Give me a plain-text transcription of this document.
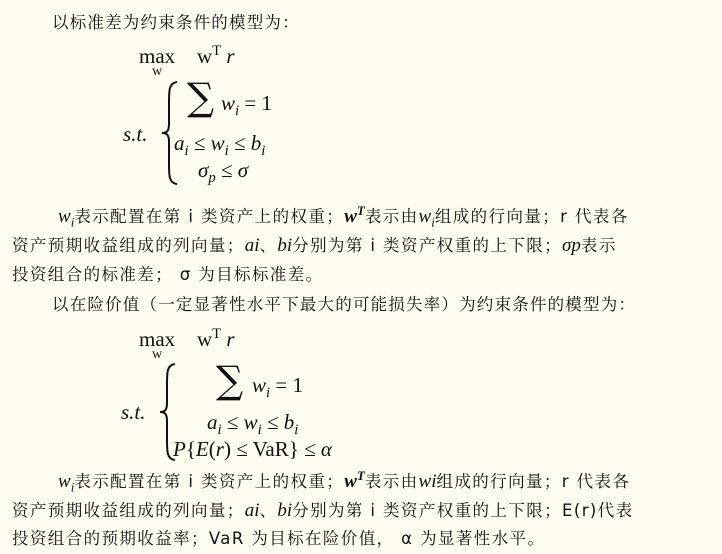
以标准差为约束条件的模型为：
max
w
$w^T$ r
s.t.
∑ $w_i = 1$
$a_i \le w_i \le b_i$
$\sigma_p \le \sigma$
$w_i$表示配置在第 i 类资产上的权重；$w^T$表示由$w_i$组成的行向量；r 代表各
资产预期收益组成的列向量；ai、bi分别为第 i 类资产权重的上下限；σp表示
投资组合的标准差； σ 为目标标准差。
以在险价值（一定显著性水平下最大的可能损失率）为约束条件的模型为：
max
w
$w^T$ r
s.t.
∑ $w_i = 1$
$a_i \le w_i \le b_i$
P{E(r) ≤ VaR} ≤ α
$w_i$表示配置在第 i 类资产上的权重；$w^T$表示由wi组成的行向量；r 代表各
资产预期收益组成的列向量；ai、bi分别为第 i 类资产权重的上下限；E(r)代表
投资组合的预期收益率；VaR 为目标在险价值， α 为显著性水平。
